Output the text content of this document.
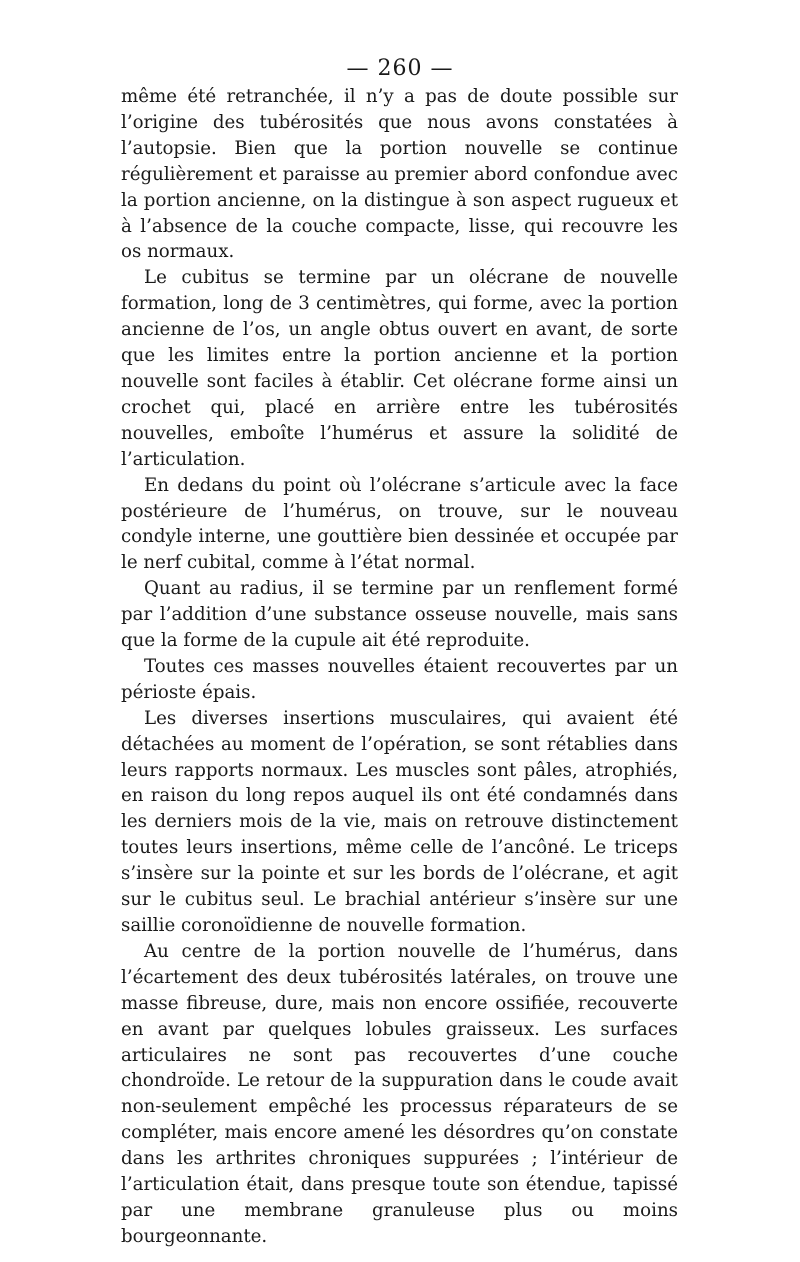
— 260 —

même été retranchée, il n’y a pas de doute possible sur l’origine des tubérosités que nous avons constatées à l’autopsie. Bien que la portion nouvelle se continue régulièrement et paraisse au premier abord confondue avec la portion ancienne, on la distingue à son aspect rugueux et à l’absence de la couche compacte, lisse, qui recouvre les os normaux.

Le cubitus se termine par un olécrane de nouvelle formation, long de 3 centimètres, qui forme, avec la portion ancienne de l’os, un angle obtus ouvert en avant, de sorte que les limites entre la portion ancienne et la portion nouvelle sont faciles à établir. Cet olécrane forme ainsi un crochet qui, placé en arrière entre les tubérosités nouvelles, emboîte l’humérus et assure la solidité de l’articulation.

En dedans du point où l’olécrane s’articule avec la face postérieure de l’humérus, on trouve, sur le nouveau condyle interne, une gouttière bien dessinée et occupée par le nerf cubital, comme à l’état normal.

Quant au radius, il se termine par un renflement formé par l’addition d’une substance osseuse nouvelle, mais sans que la forme de la cupule ait été reproduite.

Toutes ces masses nouvelles étaient recouvertes par un périoste épais.

Les diverses insertions musculaires, qui avaient été détachées au moment de l’opération, se sont rétablies dans leurs rapports normaux. Les muscles sont pâles, atrophiés, en raison du long repos auquel ils ont été condamnés dans les derniers mois de la vie, mais on retrouve distinctement toutes leurs insertions, même celle de l’ancôné. Le triceps s’insère sur la pointe et sur les bords de l’olécrane, et agit sur le cubitus seul. Le brachial antérieur s’insère sur une saillie coronoïdienne de nouvelle formation.

Au centre de la portion nouvelle de l’humérus, dans l’écartement des deux tubérosités latérales, on trouve une masse fibreuse, dure, mais non encore ossifiée, recouverte en avant par quelques lobules graisseux. Les surfaces articulaires ne sont pas recouvertes d’une couche chondroïde. Le retour de la suppuration dans le coude avait non-seulement empêché les processus réparateurs de se compléter, mais encore amené les désordres qu’on constate dans les arthrites chroniques suppurées ; l’intérieur de l’articulation était, dans presque toute son étendue, tapissé par une membrane granuleuse plus ou moins bourgeonnante.
